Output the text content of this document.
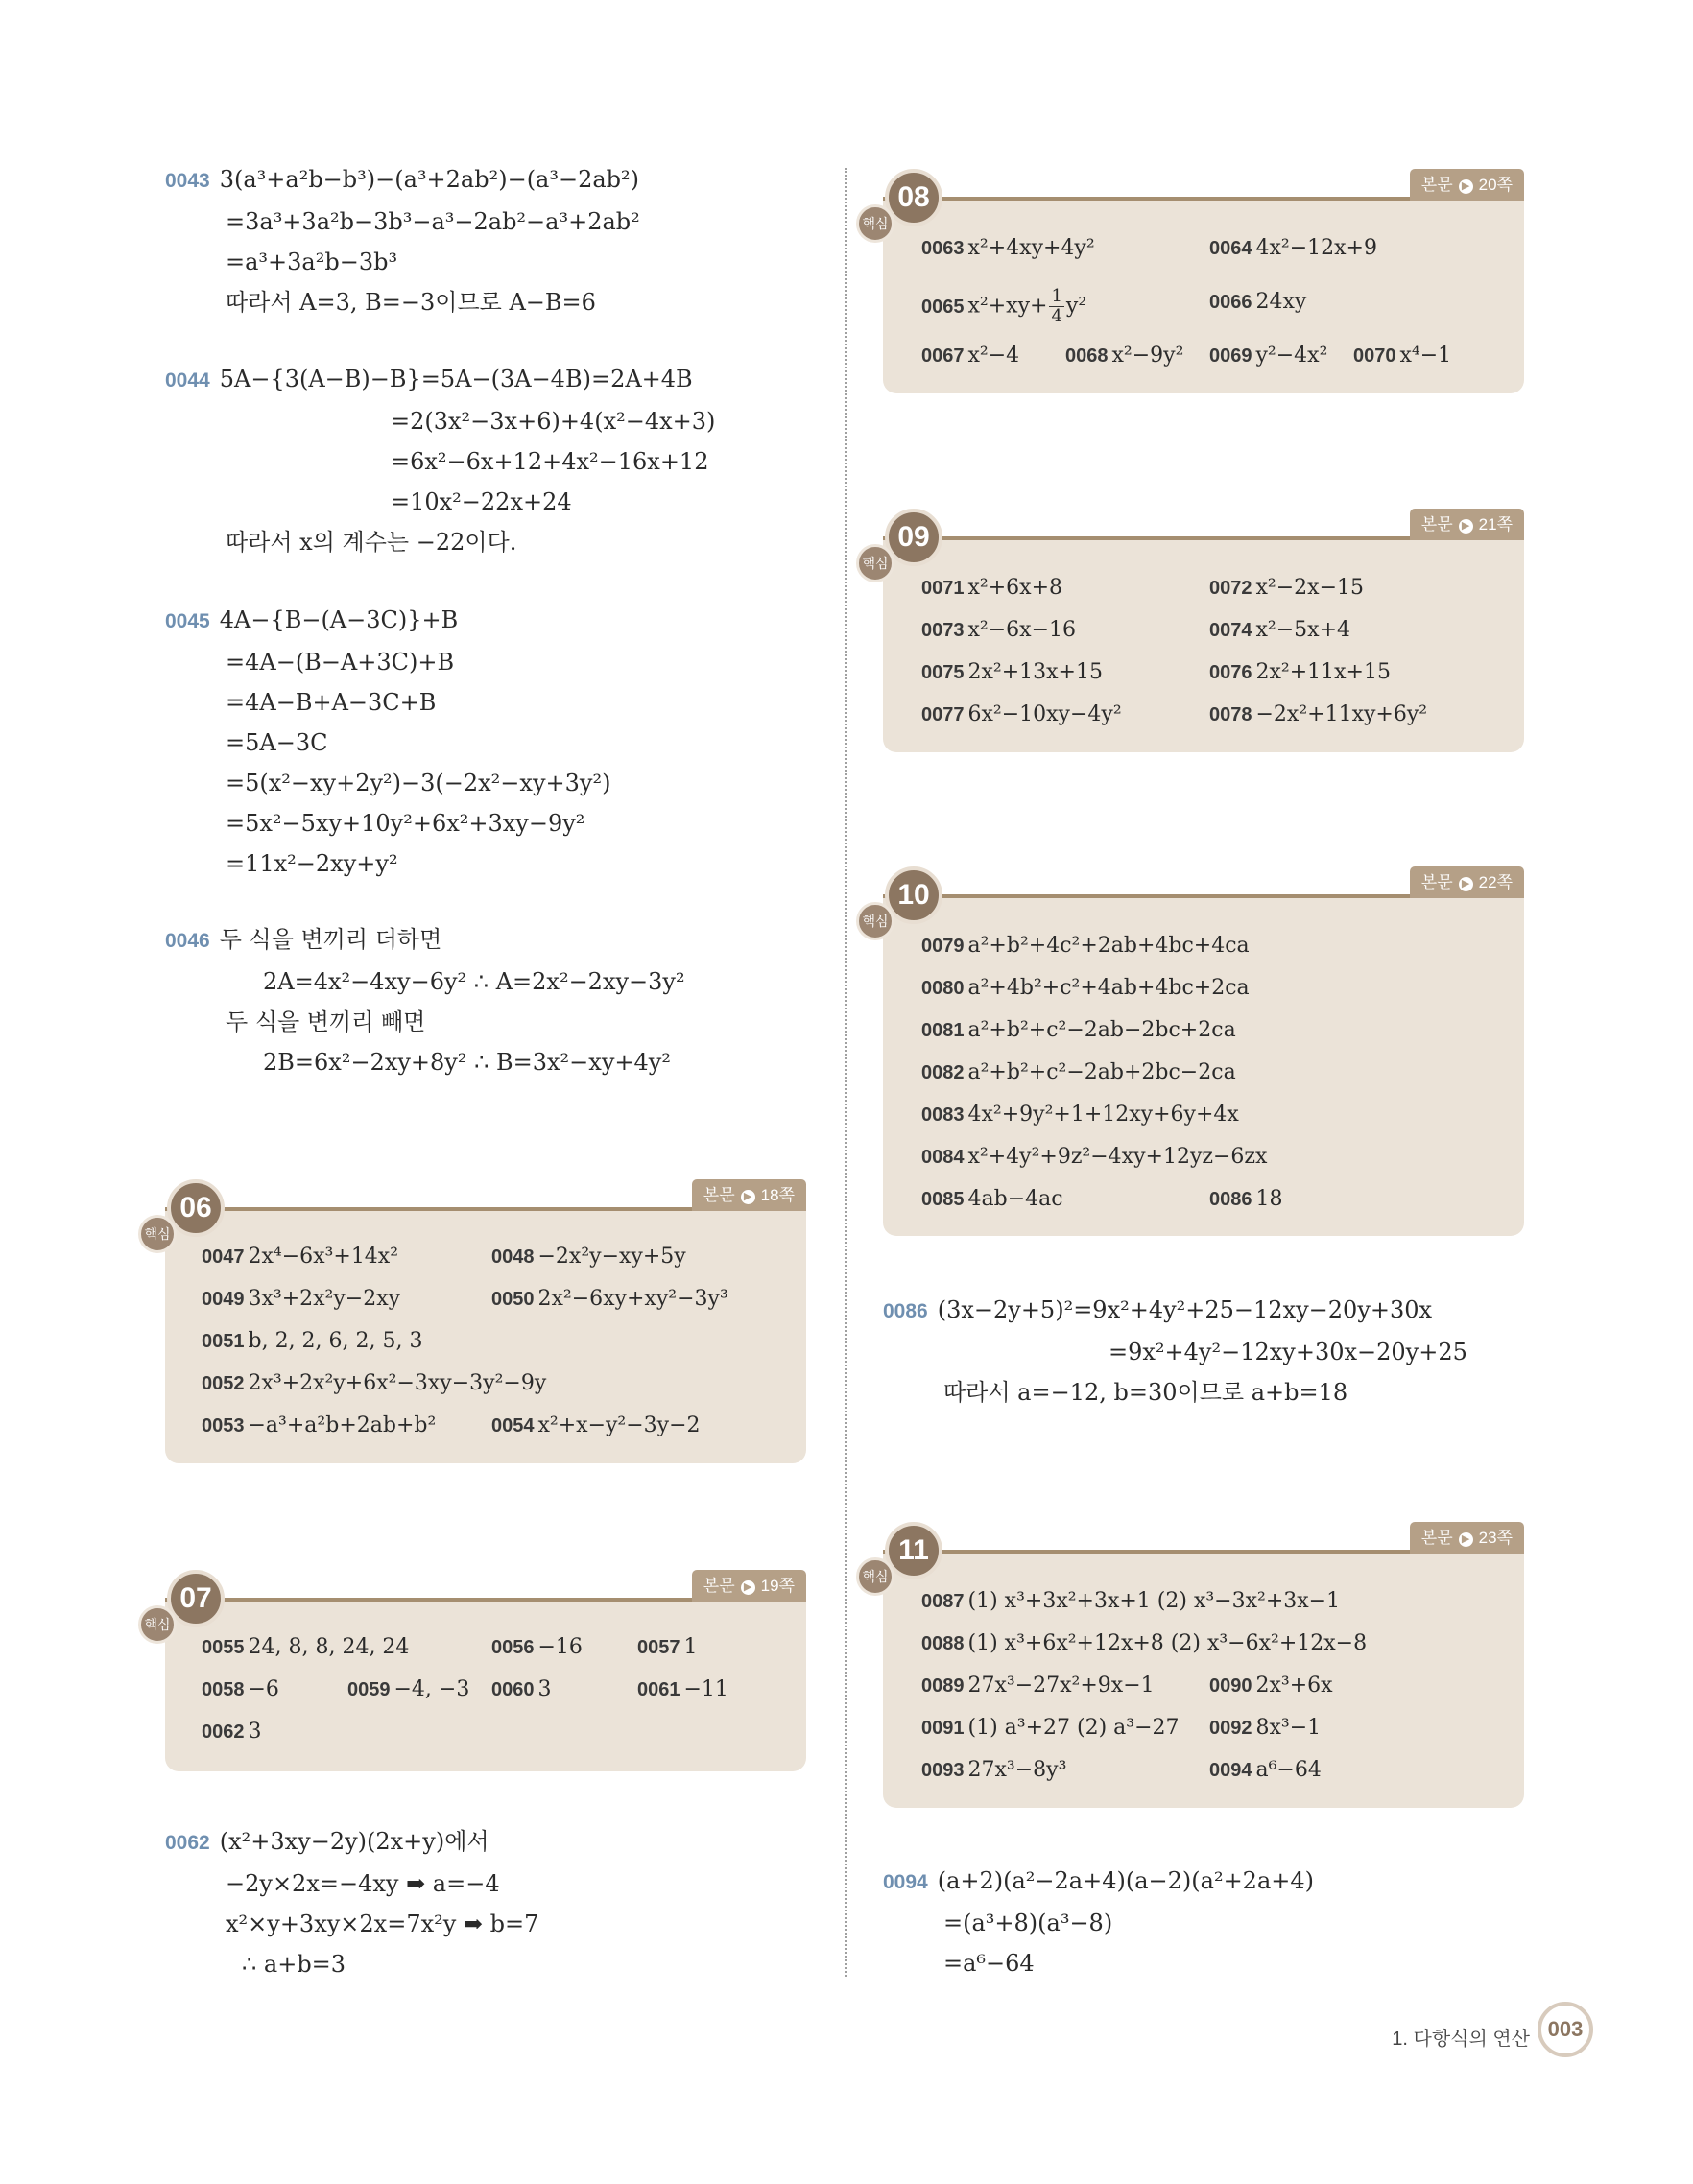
0043 3(a³+a²b−b³)−(a³+2ab²)−(a³−2ab²)
=3a³+3a²b−3b³−a³−2ab²−a³+2ab²
=a³+3a²b−3b³
따라서 A=3, B=−3이므로 A−B=6
0044 5A−{3(A−B)−B}=5A−(3A−4B)=2A+4B
=2(3x²−3x+6)+4(x²−4x+3)
=6x²−6x+12+4x²−16x+12
=10x²−22x+24
따라서 x의 계수는 −22이다.
0045 4A−{B−(A−3C)}+B
=4A−(B−A+3C)+B
=4A−B+A−3C+B
=5A−3C
=5(x²−xy+2y²)−3(−2x²−xy+3y²)
=5x²−5xy+10y²+6x²+3xy−9y²
=11x²−2xy+y²
0046 두 식을 변끼리 더하면
2A=4x²−4xy−6y² ∴ A=2x²−2xy−3y²
두 식을 변끼리 빼면
2B=6x²−2xy+8y² ∴ B=3x²−xy+4y²
06
핵심
본문 ▶ 18쪽
0047 2x⁴−6x³+14x²	0048 −2x²y−xy+5y
0049 3x³+2x²y−2xy	0050 2x²−6xy+xy²−3y³
0051 b, 2, 2, 6, 2, 5, 3
0052 2x³+2x²y+6x²−3xy−3y²−9y
0053 −a³+a²b+2ab+b²	0054 x²+x−y²−3y−2
07
핵심
본문 ▶ 19쪽
0055 24, 8, 8, 24, 24	0056 −16	0057 1
0058 −6	0059 −4, −3 0060 3	0061 −11
0062 3
0062 (x²+3xy−2y)(2x+y)에서
−2y×2x=−4xy ➡ a=−4
x²×y+3xy×2x=7x²y ➡ b=7
∴ a+b=3
08
핵심
본문 ▶ 20쪽
0063 x²+4xy+4y²	0064 4x²−12x+9
0065 $x^2+xy+ \frac{1}{4} y^2$	0066 24xy
0067 x²−4 0068 x²−9y² 0069 y²−4x² 0070 x⁴−1
09
핵심
본문 ▶ 21쪽
0071 x²+6x+8	0072 x²−2x−15
0073 x²−6x−16	0074 x²−5x+4
0075 2x²+13x+15	0076 2x²+11x+15
0077 6x²−10xy−4y²	0078 −2x²+11xy+6y²
10
핵심
본문 ▶ 22쪽
0079 a²+b²+4c²+2ab+4bc+4ca
0080 a²+4b²+c²+4ab+4bc+2ca
0081 a²+b²+c²−2ab−2bc+2ca
0082 a²+b²+c²−2ab+2bc−2ca
0083 4x²+9y²+1+12xy+6y+4x
0084 x²+4y²+9z²−4xy+12yz−6zx
0085 4ab−4ac	0086 18
0086 (3x−2y+5)²=9x²+4y²+25−12xy−20y+30x
=9x²+4y²−12xy+30x−20y+25
따라서 a=−12, b=30이므로 a+b=18
11
핵심
본문 ▶ 23쪽
0087 (1) x³+3x²+3x+1 (2) x³−3x²+3x−1
0088 (1) x³+6x²+12x+8 (2) x³−6x²+12x−8
0089 27x³−27x²+9x−1	0090 2x³+6x
0091 (1) a³+27 (2) a³−27 0092 8x³−1
0093 27x³−8y³	0094 a⁶−64
0094 (a+2)(a²−2a+4)(a−2)(a²+2a+4)
=(a³+8)(a³−8)
=a⁶−64
1. 다항식의 연산 003
